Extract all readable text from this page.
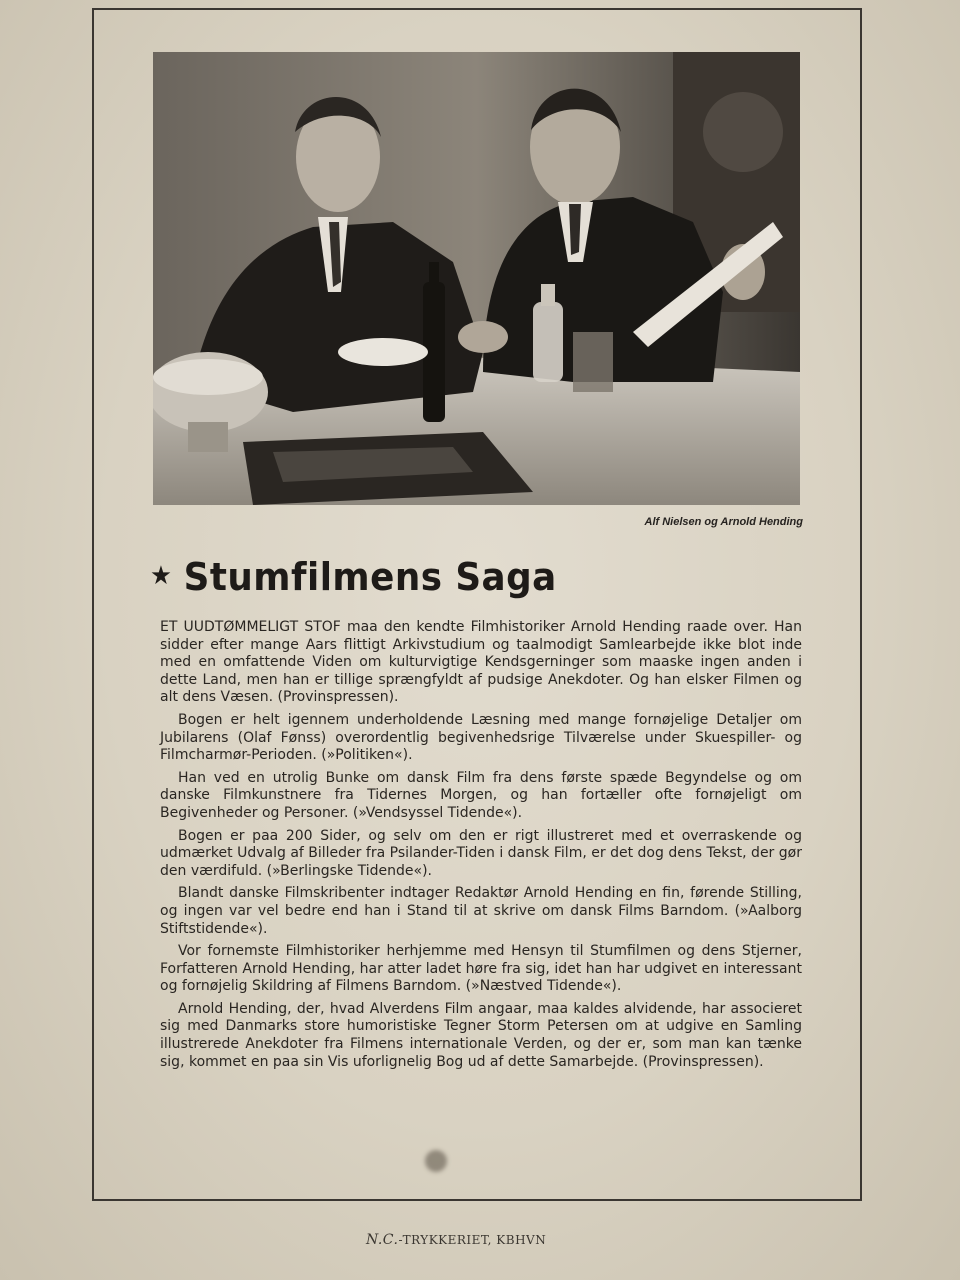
Alf Nielsen og Arnold Hending
★ Stumfilmens Saga

ET UUDTØMMELIGT STOF maa den kendte Filmhistoriker Arnold Hending raade over. Han sidder efter mange Aars flittigt Arkivstudium og taalmodigt Samlearbejde ikke blot inde med en omfattende Viden om kulturvigtige Kendsgerninger som maaske ingen anden i dette Land, men han er tillige sprængfyldt af pudsige Anekdoter. Og han elsker Filmen og alt dens Væsen. (Provinspressen).

Bogen er helt igennem underholdende Læsning med mange fornøjelige Detaljer om Jubilarens (Olaf Fønss) overordentlig begivenhedsrige Tilværelse under Skuespiller- og Filmcharmør-Perioden. (»Politiken«).

Han ved en utrolig Bunke om dansk Film fra dens første spæde Begyndelse og om danske Filmkunstnere fra Tidernes Morgen, og han fortæller ofte fornøjeligt om Begivenheder og Personer. (»Vendsyssel Tidende«).

Bogen er paa 200 Sider, og selv om den er rigt illustreret med et overraskende og udmærket Udvalg af Billeder fra Psilander-Tiden i dansk Film, er det dog dens Tekst, der gør den værdifuld. (»Berlingske Tidende«).

Blandt danske Filmskribenter indtager Redaktør Arnold Hending en fin, førende Stilling, og ingen var vel bedre end han i Stand til at skrive om dansk Films Barndom. (»Aalborg Stiftstidende«).

Vor fornemste Filmhistoriker herhjemme med Hensyn til Stumfilmen og dens Stjerner, Forfatteren Arnold Hending, har atter ladet høre fra sig, idet han har udgivet en interessant og fornøjelig Skildring af Filmens Barndom. (»Næstved Tidende«).

Arnold Hending, der, hvad Alverdens Film angaar, maa kaldes alvidende, har associeret sig med Danmarks store humoristiske Tegner Storm Petersen om at udgive en Samling illustrerede Anekdoter fra Filmens internationale Verden, og der er, som man kan tænke sig, kommet en paa sin Vis uforlignelig Bog ud af dette Samarbejde. (Provinspressen).

N.C.-TRYKKERIET, KBHVN
